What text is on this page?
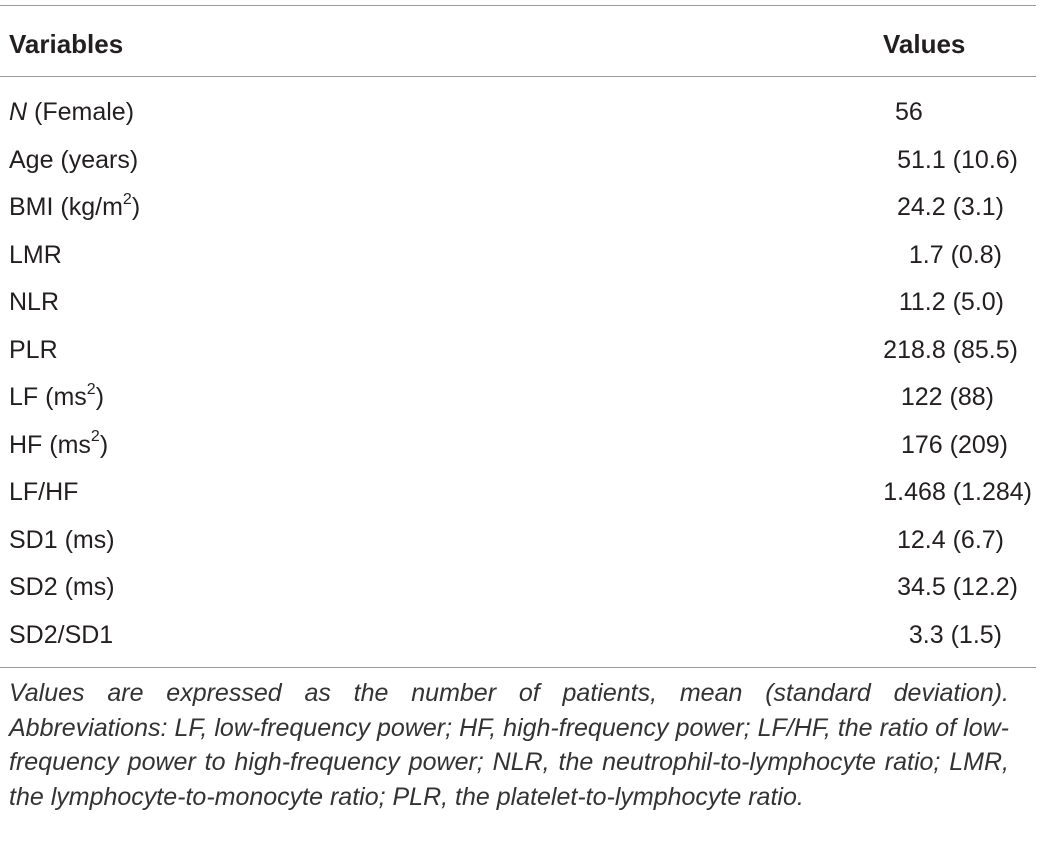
Variables	Values
N (Female)	56
Age (years)	51.1 (10.6)
BMI $(kg/m^2)$	24.2 (3.1)
LMR	1.7 (0.8)
NLR	11.2 (5.0)
PLR	218.8 (85.5)
LF $(ms^2)$	122 (88)
HF $(ms^2)$	176 (209)
LF/HF	1.468 (1.284)
SD1 (ms)	12.4 (6.7)
SD2 (ms)	34.5 (12.2)
SD2/SD1	3.3 (1.5)
Values are expressed as the number of patients, mean (standard deviation). Abbreviations: LF, low-frequency power; HF, high-frequency power; LF/HF, the ratio of low-frequency power to high-frequency power; NLR, the neutrophil-to-lymphocyte ratio; LMR, the lymphocyte-to-monocyte ratio; PLR, the platelet-to-lymphocyte ratio.
